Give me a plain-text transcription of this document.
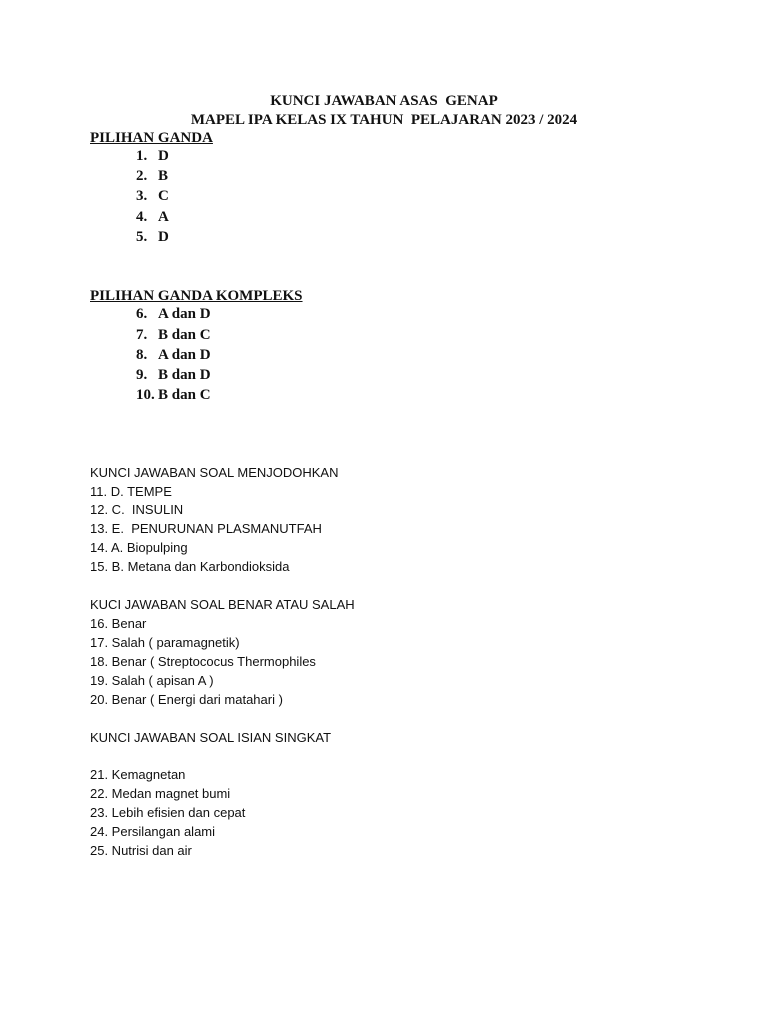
KUNCI JAWABAN ASAS  GENAP
MAPEL IPA KELAS IX TAHUN  PELAJARAN 2023 / 2024
PILIHAN GANDA
1. D
2. B
3. C
4. A
5. D
PILIHAN GANDA KOMPLEKS
6. A dan D
7. B dan C
8. A dan D
9. B dan D
10. B dan C
KUNCI JAWABAN SOAL MENJODOHKAN
11. D. TEMPE
12. C.  INSULIN
13. E.  PENURUNAN PLASMANUTFAH
14. A. Biopulping
15. B. Metana dan Karbondioksida
KUCI JAWABAN SOAL BENAR ATAU SALAH
16. Benar
17. Salah ( paramagnetik)
18. Benar ( Streptococus Thermophiles
19. Salah ( apisan A )
20. Benar ( Energi dari matahari )
KUNCI JAWABAN SOAL ISIAN SINGKAT
21. Kemagnetan
22. Medan magnet bumi
23. Lebih efisien dan cepat
24. Persilangan alami
25. Nutrisi dan air
